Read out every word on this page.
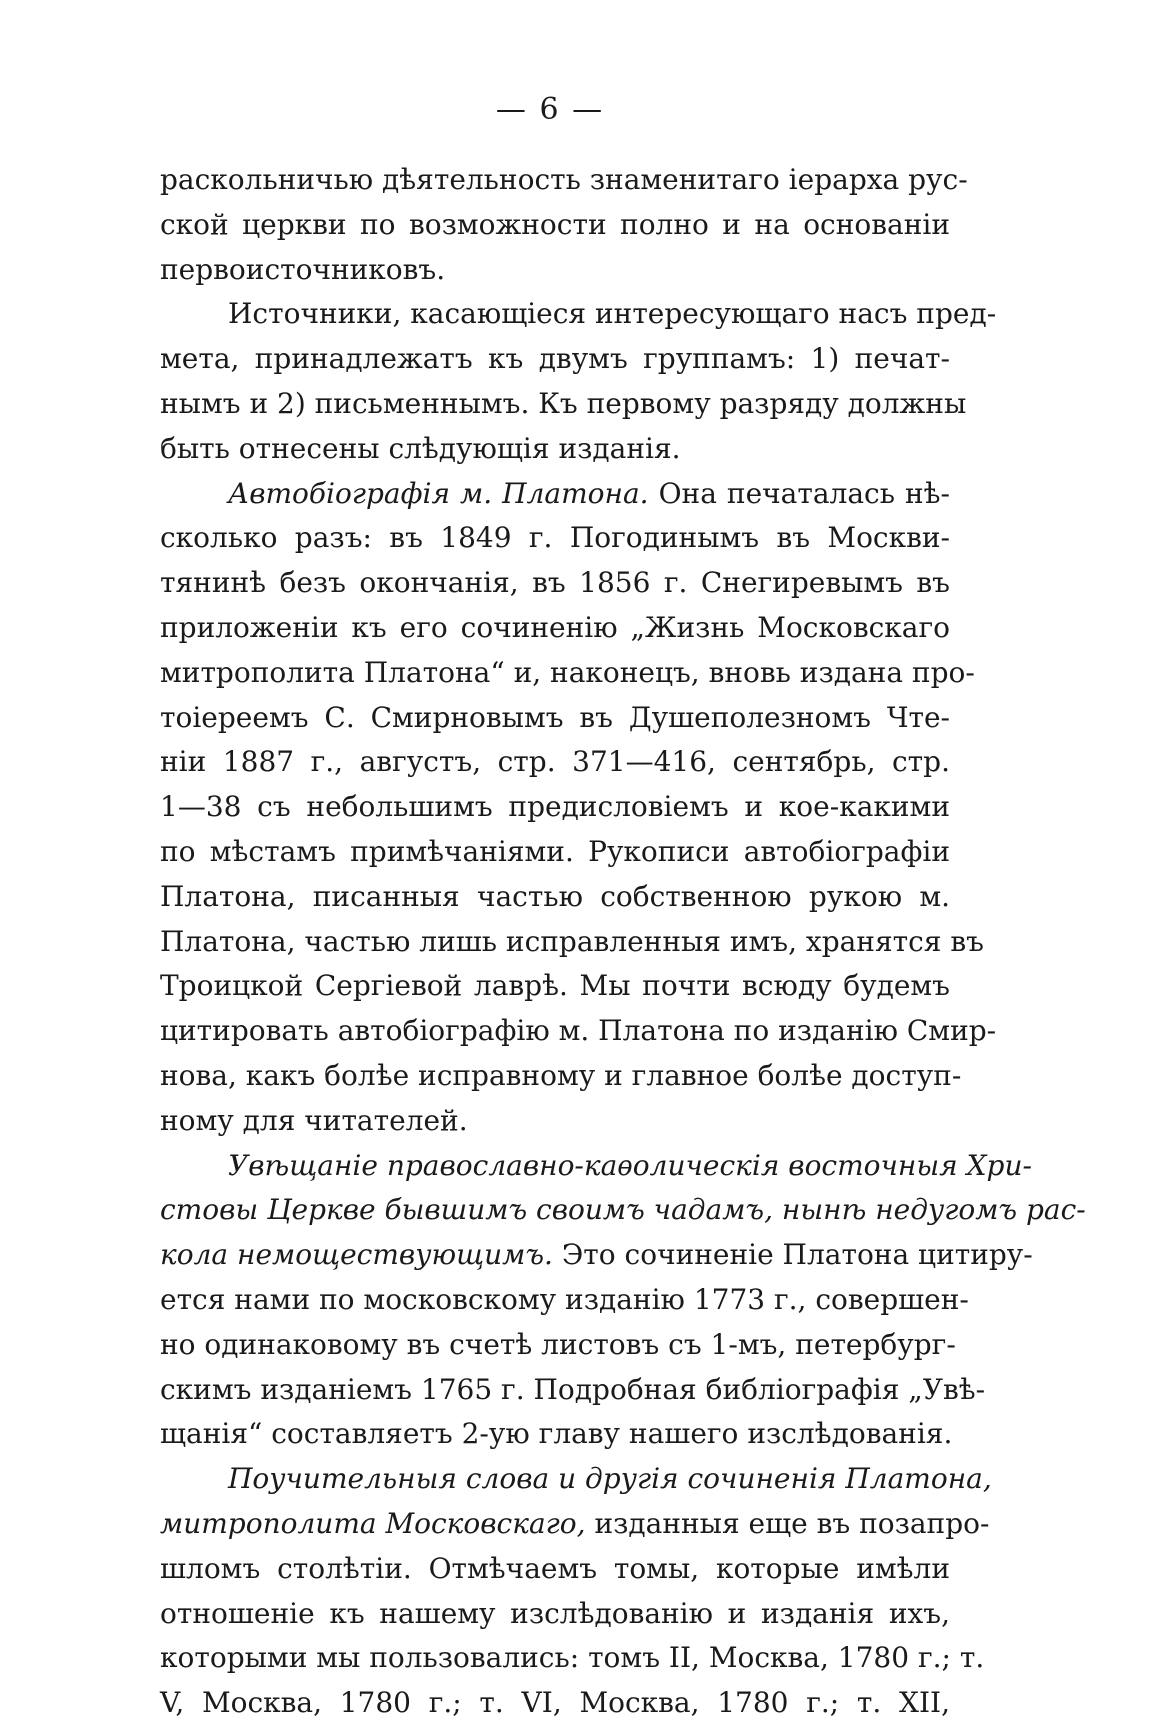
— 6 —
раскольничью дѣятельность знаменитаго іерарха рус-
ской церкви по возможности полно и на основаніи
первоисточниковъ.
Источники, касающіеся интересующаго насъ пред-
мета, принадлежатъ къ двумъ группамъ: 1) печат-
нымъ и 2) письменнымъ. Къ первому разряду должны
быть отнесены слѣдующія изданія.
Автобіографія м. Платона. Она печаталась нѣ-
сколько разъ: въ 1849 г. Погодинымъ въ Москви-
тянинѣ безъ окончанія, въ 1856 г. Снегиревымъ въ
приложеніи къ его сочиненію „Жизнь Московскаго
митрополита Платона“ и, наконецъ, вновь издана про-
тоіереемъ С. Смирновымъ въ Душеполезномъ Чте-
ніи 1887 г., августъ, стр. 371—416, сентябрь, стр.
1—38 съ небольшимъ предисловіемъ и кое-какими
по мѣстамъ примѣчаніями. Рукописи автобіографіи
Платона, писанныя частью собственною рукою м.
Платона, частью лишь исправленныя имъ, хранятся въ
Троицкой Сергіевой лаврѣ. Мы почти всюду будемъ
цитировать автобіографію м. Платона по изданію Смир-
нова, какъ болѣе исправному и главное болѣе доступ-
ному для читателей.
Увѣщаніе православно-каѳолическія восточныя Хри-
стовы Церкве бывшимъ своимъ чадамъ, нынѣ недугомъ рас-
кола немоществующимъ. Это сочиненіе Платона цитиру-
ется нами по московскому изданію 1773 г., совершен-
но одинаковому въ счетѣ листовъ съ 1-мъ, петербург-
скимъ изданіемъ 1765 г. Подробная библіографія „Увѣ-
щанія“ составляетъ 2-ую главу нашего изслѣдованія.
Поучительныя слова и другія сочиненія Платона,
митрополита Московскаго, изданныя еще въ позапро-
шломъ столѣтіи. Отмѣчаемъ томы, которые имѣли
отношеніе къ нашему изслѣдованію и изданія ихъ,
которыми мы пользовались: томъ II, Москва, 1780 г.; т.
V, Москва, 1780 г.; т. VI, Москва, 1780 г.; т. XII,
